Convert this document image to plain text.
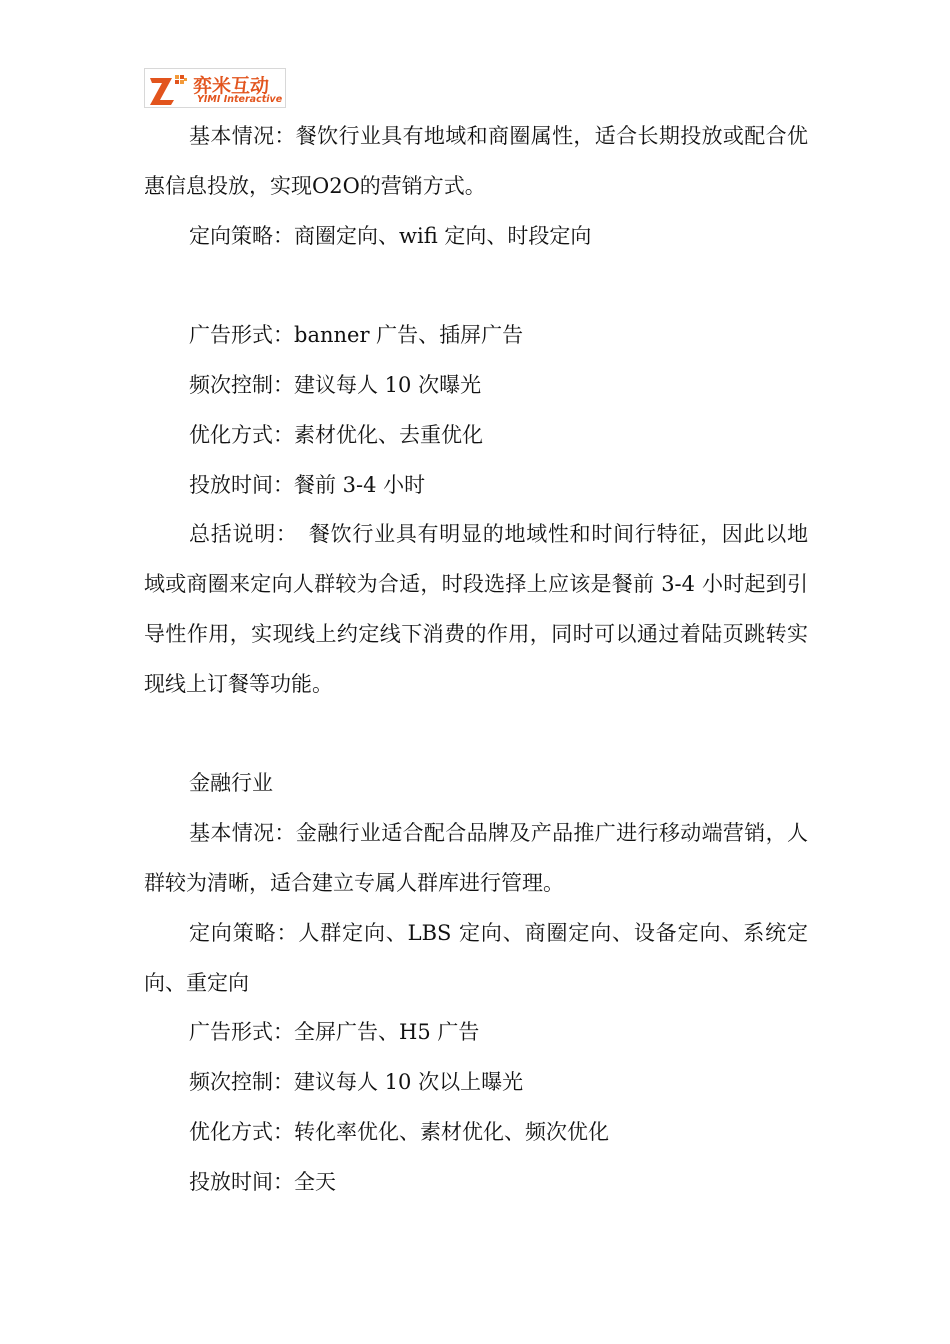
弈米互动
YIMI Interactive

基本情况：餐饮行业具有地域和商圈属性，适合长期投放或配合优惠信息投放，实现O2O的营销方式。

定向策略：商圈定向、wifi 定向、时段定向

广告形式：banner 广告、插屏广告

频次控制：建议每人 10 次曝光

优化方式：素材优化、去重优化

投放时间：餐前 3-4 小时

总括说明：　餐饮行业具有明显的地域性和时间行特征，因此以地域或商圈来定向人群较为合适，时段选择上应该是餐前 3-4 小时起到引导性作用，实现线上约定线下消费的作用，同时可以通过着陆页跳转实现线上订餐等功能。

金融行业

基本情况：金融行业适合配合品牌及产品推广进行移动端营销，人群较为清晰，适合建立专属人群库进行管理。

定向策略：人群定向、LBS 定向、商圈定向、设备定向、系统定向、重定向

广告形式：全屏广告、H5 广告

频次控制：建议每人 10 次以上曝光

优化方式：转化率优化、素材优化、频次优化

投放时间：全天
